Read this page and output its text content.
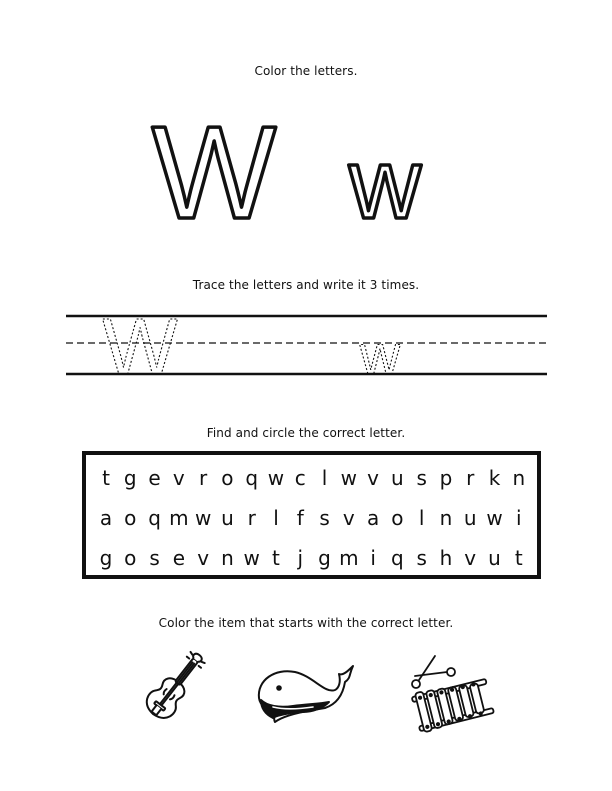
Color the letters.
W w
Trace the letters and write it 3 times.
W	w
Find and circle the correct letter.
t g e v r o q w c l w v u s p r k n
a o q m w u r l f s v a o l n u w i
g o s e v n w t j g m i q s h v u t
Color the item that starts with the correct letter.
